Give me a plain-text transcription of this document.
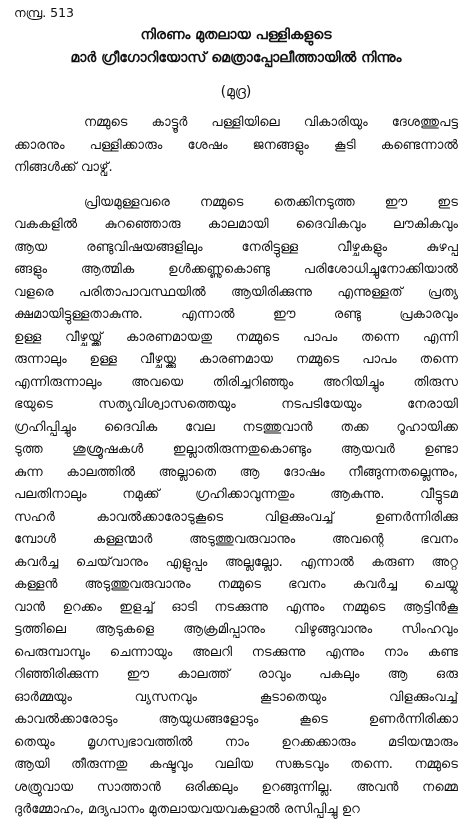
നമ്പ്ര. 513
നിരണം മുതലായ പള്ളികളുടെ
മാർ ഗ്രീഗോറിയോസ് മെത്രാപ്പോലീത്തായിൽ നിന്നും
(മുദ്ര)
നമ്മുടെ കാട്ടൂർ പള്ളിയിലെ വികാരിയും ദേശത്തുപട്ട
ക്കാരനും പള്ളിക്കാരും ശേഷം ജനങ്ങളും കൂടി കണ്ടെന്നാൽ
നിങ്ങൾക്ക് വാഴ്വ്.
പ്രിയമുള്ളവരെ നമ്മുടെ തെക്കിനടുത്ത ഈ ഇട
വകകളിൽ കുറഞ്ഞൊരു കാലമായി ദൈവികവും ലൗകികവും
ആയ രണ്ടുവിഷയങ്ങളിലും നേരിട്ടുള്ള വീഴ്ചകളും കുഴപ്പ
ങ്ങളും ആത്മിക ഉൾക്കണ്ണുകൊണ്ടു പരിശോധിച്ചുനോക്കിയാൽ
വളരെ പരിതാപാവസ്ഥയിൽ ആയിരിക്കുന്നു എന്നുള്ളത് പ്രത്യ
ക്ഷമായിട്ടുള്ളതാകുന്നു. എന്നാൽ ഈ രണ്ടു പ്രകാരവും
ഉള്ള വീഴ്ചയ്ക്ക് കാരണമായതു നമ്മുടെ പാപം തന്നെ എന്നി
രുന്നാലും ഉള്ള വീഴ്ചയ്ക്കു കാരണമായ നമ്മുടെ പാപം തന്നെ
എന്നിരുന്നാലും അവയെ തിരിച്ചറിഞ്ഞും അറിയിച്ചും തിരുസ
ഭയുടെ സത്യവിശ്വാസത്തെയും നടപടിയേയും നേരായി
ഗ്രഹിപ്പിച്ചും ദൈവിക വേല നടത്തുവാൻ തക്ക റൂഹായിക്ക
ടുത്ത ശുശ്രൂഷകൾ ഇല്ലാതിരുന്നതുകൊണ്ടും ആയവർ ഉണ്ടാ
കുന്ന കാലത്തിൽ അല്ലാതെ ആ ദോഷം നീങ്ങുന്നതല്ലെന്നും,
പലതിനാലും നമുക്ക് ഗ്രഹിക്കാവുന്നതും ആകുന്നു. വീട്ടുടമ
സഹർ കാവൽക്കാരോടുകൂടെ വിളക്കുംവച്ച് ഉണർന്നിരിക്കു
മ്പോൾ കള്ളന്മാർ അടുത്തുവരുവാനും അവന്റെ ഭവനം
കവർച്ച ചെയ്‌വാനും എളുപ്പം അല്ലല്ലോ. എന്നാൽ കരുണ അറ്റ
കള്ളൻ അടുത്തുവരുവാനും നമ്മുടെ ഭവനം കവർച്ച ചെയ്യു
വാൻ ഉറക്കം ഇളച്ച് ഓടി നടക്കുന്നു എന്നും നമ്മുടെ ആട്ടിൻകൂ
ട്ടത്തിലെ ആടുകളെ ആക്രമിപ്പാനും വിഴുങ്ങുവാനും സിംഹവും
പെരുമ്പാമ്പും ചെന്നായും അലറി നടക്കുന്നു എന്നും നാം കണ്ട
റിഞ്ഞിരിക്കുന്ന ഈ കാലത്ത് രാവും പകലും ആ ഒരു
ഓർമ്മയും വ്യസനവും കൂടാതെയും വിളക്കുംവച്ച്
കാവൽക്കാരോടും ആയുധങ്ങളോടും കൂടെ ഉണർന്നിരിക്കാ
തെയും മൃഗസ്വഭാവത്തിൽ നാം ഉറക്കക്കാരും മടിയന്മാരും
ആയി തീരുന്നതു കഷ്ടവും വലിയ സങ്കടവും തന്നെ. നമ്മുടെ
ശത്രുവായ സാത്താൻ ഒരിക്കലും ഉറങ്ങുന്നില്ല. അവൻ നമ്മെ
ദുർമ്മോഹം, മദ്യപാനം മുതലായവയവകളാൽ രസിപ്പിച്ചു ഉറ
